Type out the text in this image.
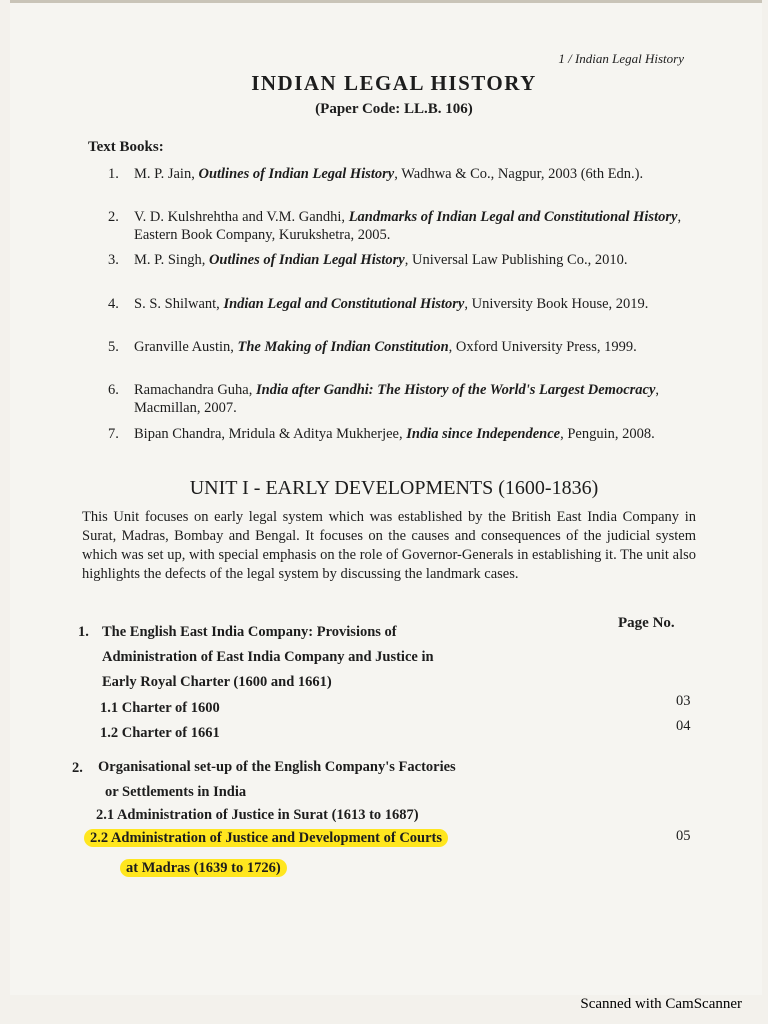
1 / Indian Legal History
INDIAN LEGAL HISTORY
(Paper Code: LL.B. 106)
Text Books:
1.	M. P. Jain, Outlines of Indian Legal History, Wadhwa & Co., Nagpur, 2003 (6th Edn.).
2.	V. D. Kulshrehtha and V.M. Gandhi, Landmarks of Indian Legal and Constitutional History, Eastern Book Company, Kurukshetra, 2005.
3.	M. P. Singh, Outlines of Indian Legal History, Universal Law Publishing Co., 2010.
4.	S. S. Shilwant, Indian Legal and Constitutional History, University Book House, 2019.
5.	Granville Austin, The Making of Indian Constitution, Oxford University Press, 1999.
6.	Ramachandra Guha, India after Gandhi: The History of the World's Largest Democracy, Macmillan, 2007.
7.	Bipan Chandra, Mridula & Aditya Mukherjee, India since Independence, Penguin, 2008.
UNIT I - EARLY DEVELOPMENTS (1600-1836)
This Unit focuses on early legal system which was established by the British East India Company in Surat, Madras, Bombay and Bengal. It focuses on the causes and consequences of the judicial system which was set up, with special emphasis on the role of Governor-Generals in establishing it. The unit also highlights the defects of the legal system by discussing the landmark cases.
Page No.
1. The English East India Company: Provisions of
Administration of East India Company and Justice in
Early Royal Charter (1600 and 1661)
1.1 Charter of 1600	03
1.2 Charter of 1661	04
2. Organisational set-up of the English Company's Factories
or Settlements in India
2.1 Administration of Justice in Surat (1613 to 1687)
2.2 Administration of Justice and Development of Courts	05
at Madras (1639 to 1726)
Scanned with CamScanner
